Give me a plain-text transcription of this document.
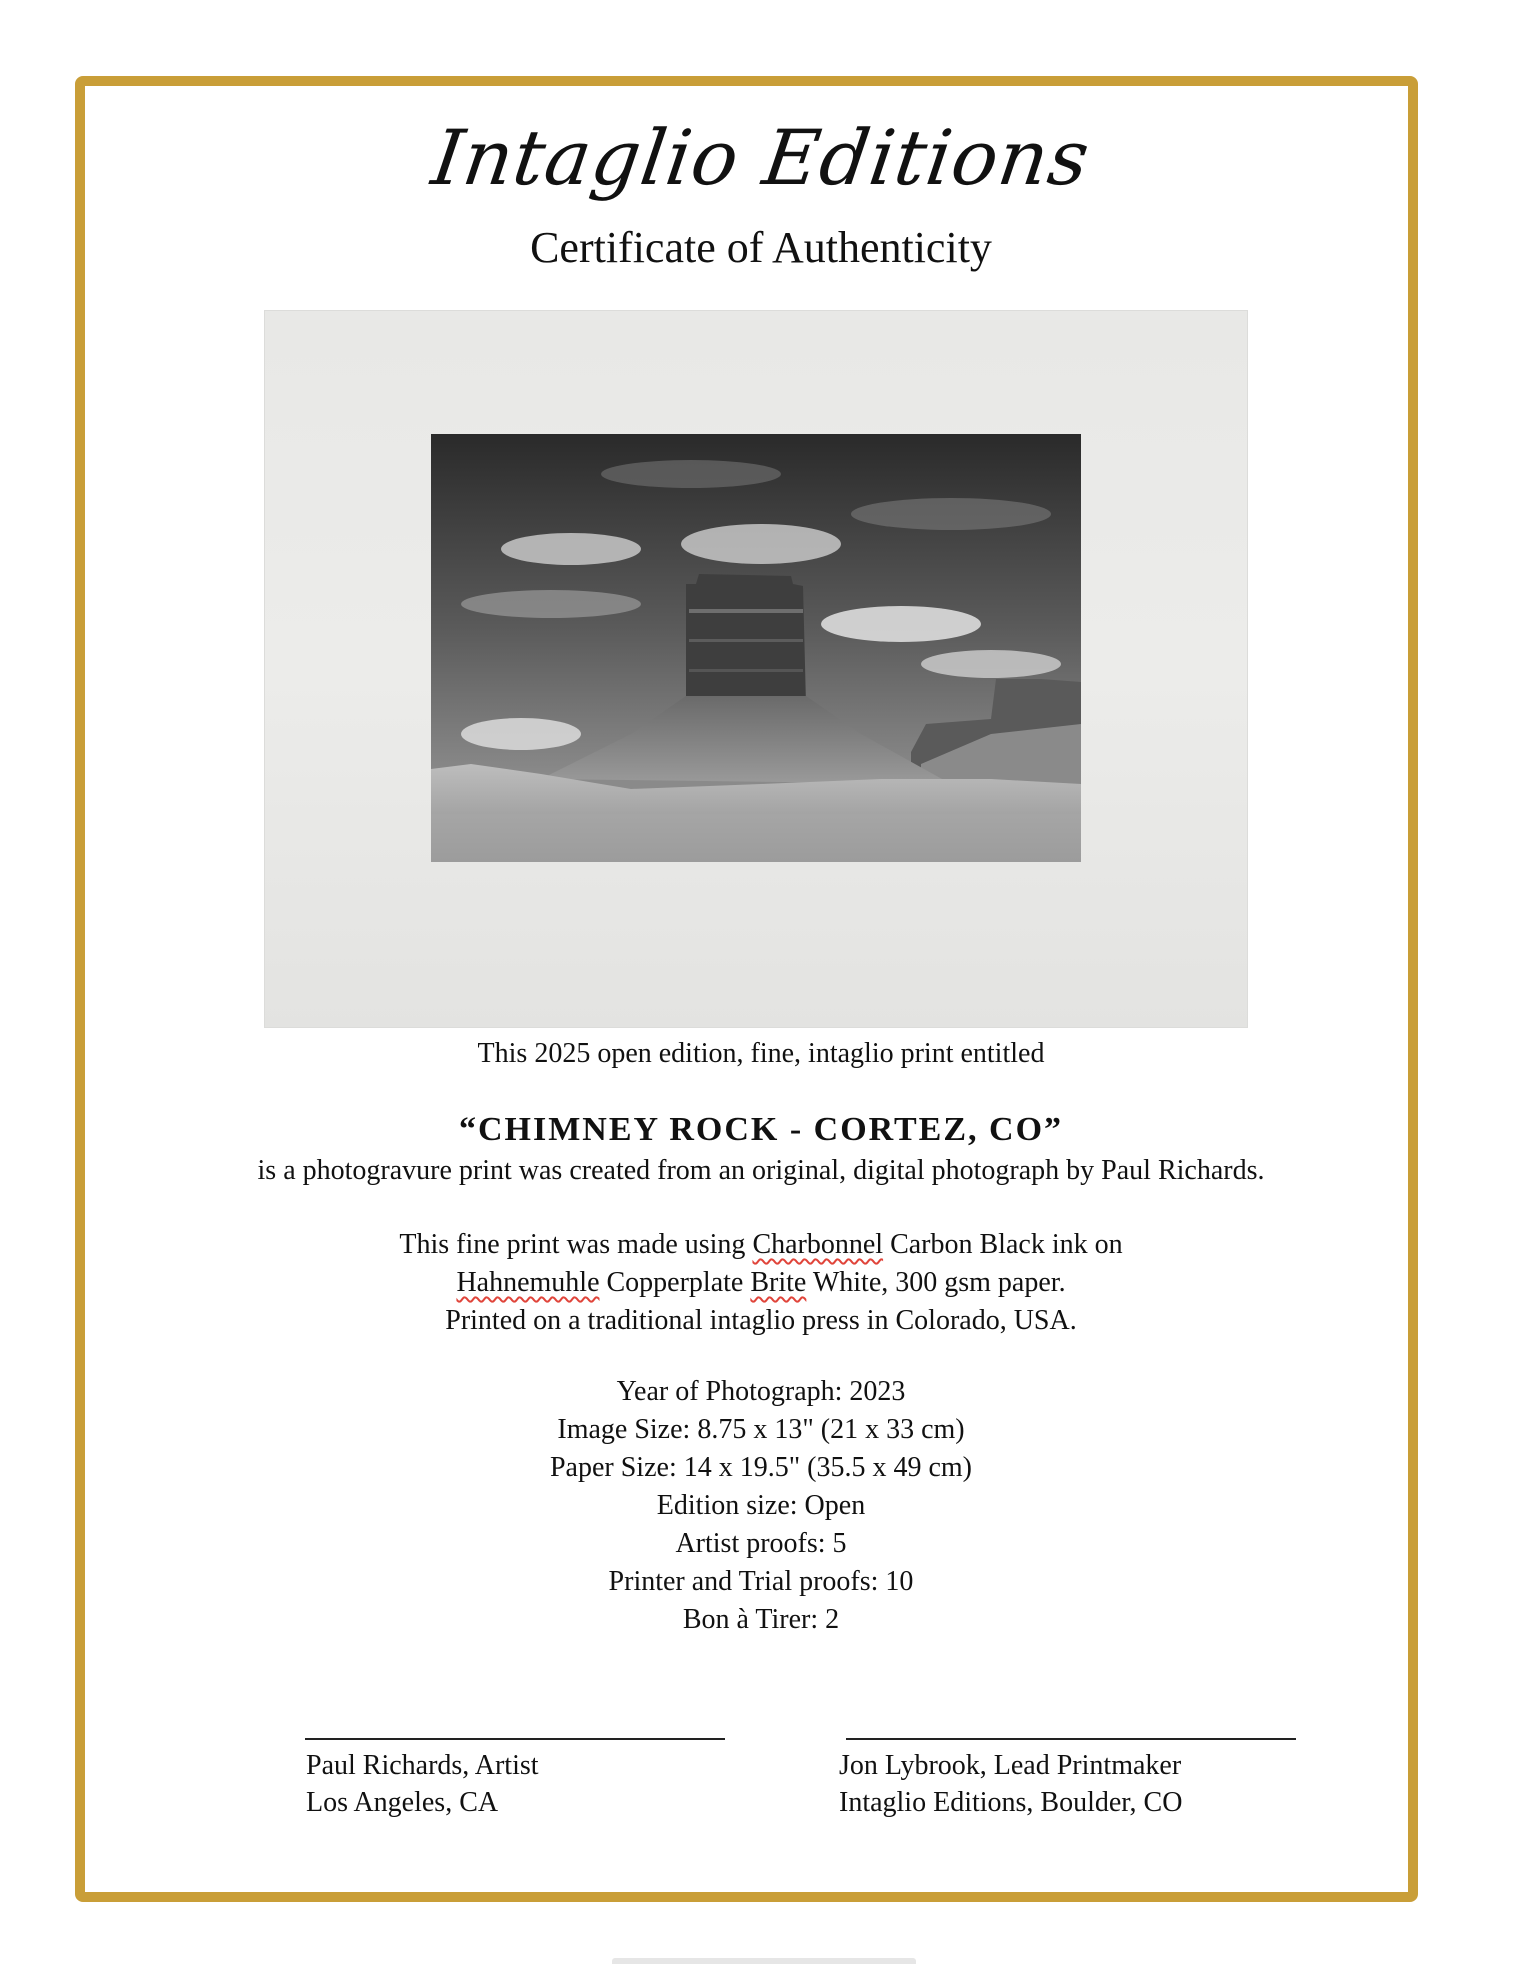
Intaglio Editions
Certificate of Authenticity
This 2025 open edition, fine, intaglio print entitled
“CHIMNEY ROCK - CORTEZ, CO”
is a photogravure print was created from an original, digital photograph by Paul Richards.
This fine print was made using Charbonnel Carbon Black ink on
Hahnemuhle Copperplate Brite White, 300 gsm paper.
Printed on a traditional intaglio press in Colorado, USA.
Year of Photograph: 2023
Image Size: 8.75 x 13" (21 x 33 cm)
Paper Size: 14 x 19.5" (35.5 x 49 cm)
Edition size: Open
Artist proofs: 5
Printer and Trial proofs: 10
Bon à Tirer: 2
Paul Richards, Artist
Los Angeles, CA
Jon Lybrook, Lead Printmaker
Intaglio Editions, Boulder, CO
